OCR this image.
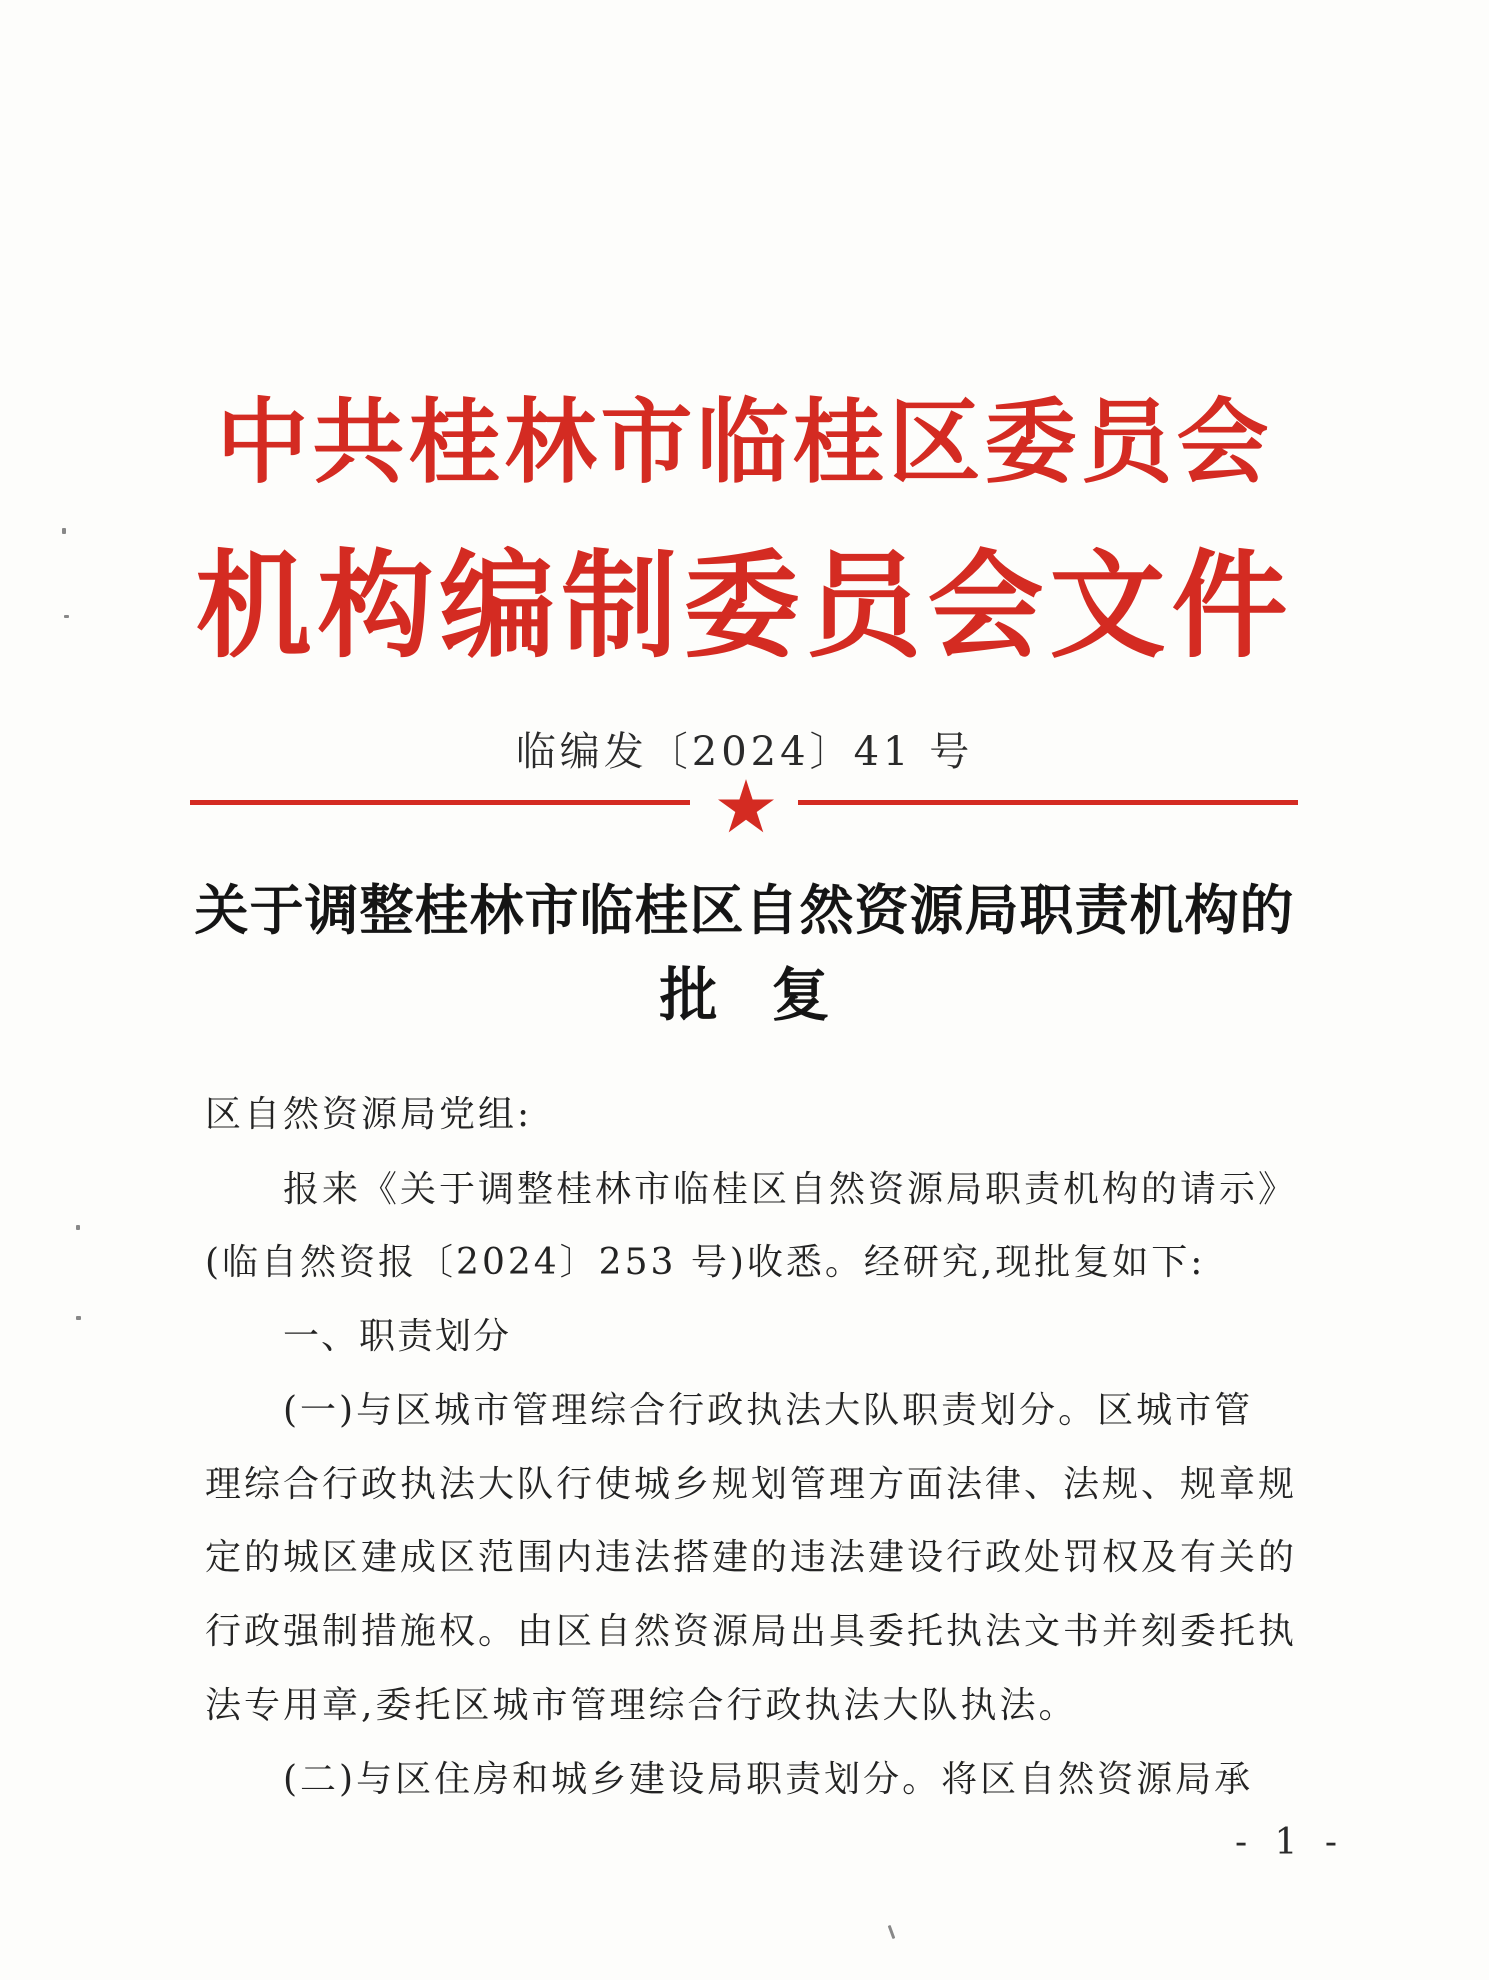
中共桂林市临桂区委员会
机构编制委员会文件
临编发〔2024〕41 号
关于调整桂林市临桂区自然资源局职责机构的
批复
区自然资源局党组:
报来《关于调整桂林市临桂区自然资源局职责机构的请示》
(临自然资报〔2024〕253 号)收悉。经研究,现批复如下:
一、职责划分
(一)与区城市管理综合行政执法大队职责划分。区城市管
理综合行政执法大队行使城乡规划管理方面法律、法规、规章规
定的城区建成区范围内违法搭建的违法建设行政处罚权及有关的
行政强制措施权。由区自然资源局出具委托执法文书并刻委托执
法专用章,委托区城市管理综合行政执法大队执法。
(二)与区住房和城乡建设局职责划分。将区自然资源局承
- 1 -
